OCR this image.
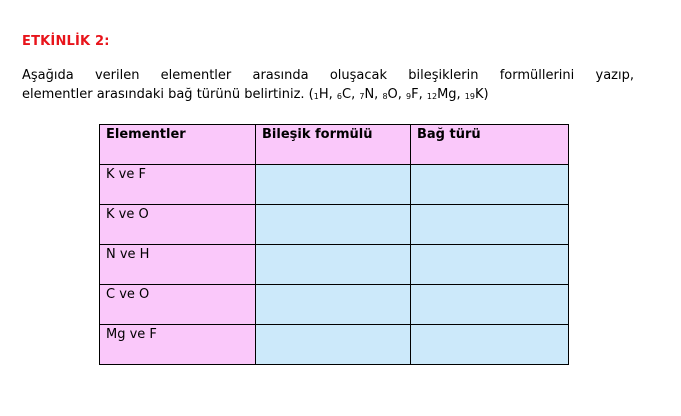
ETKİNLİK 2:
Aşağıda verilen elementler arasında oluşacak bileşiklerin formüllerini yazıp,
elementler arasındaki bağ türünü belirtiniz. ($_1H$, $_6$C, $_7$N, $_8$O, $_9$F, $_{12}$Mg, $_{19}$K)
Elementler	Bileşik formülü	Bağ türü
K ve F		
K ve O		
N ve H		
C ve O		
Mg ve F		
